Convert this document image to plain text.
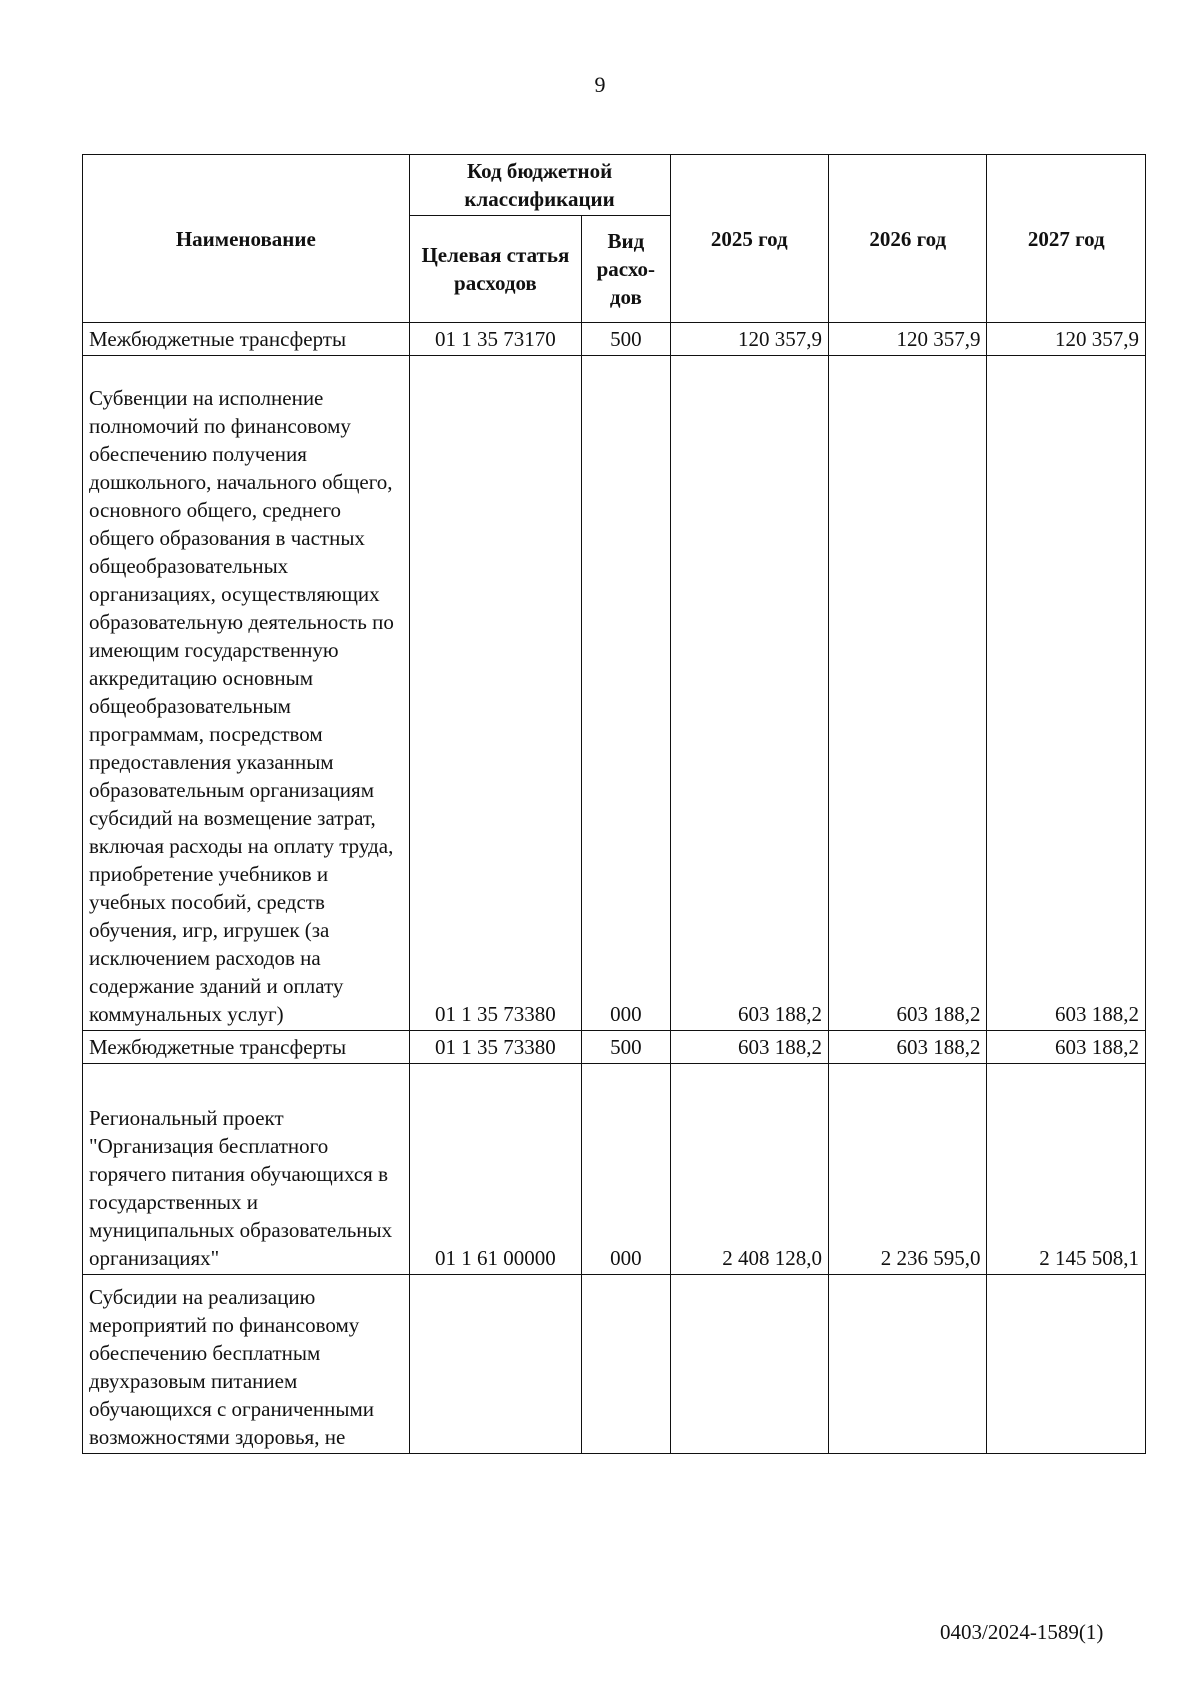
9
Наименование	Код бюджетной классификации		2025 год	2026 год	2027 год
	Целевая статья расходов	Вид расхо-дов			
Межбюджетные трансферты	01 1 35 73170	500	120 357,9	120 357,9	120 357,9
Субвенции на исполнение полномочий по финансовому обеспечению получения дошкольного, начального общего, основного общего, среднего общего образования в частных общеобразовательных организациях, осуществляющих образовательную деятельность по имеющим государственную аккредитацию основным общеобразовательным программам, посредством предоставления указанным образовательным организациям субсидий на возмещение затрат, включая расходы на оплату труда, приобретение учебников и учебных пособий, средств обучения, игр, игрушек (за исключением расходов на содержание зданий и оплату коммунальных услуг)	01 1 35 73380	000	603 188,2	603 188,2	603 188,2
Межбюджетные трансферты	01 1 35 73380	500	603 188,2	603 188,2	603 188,2
Региональный проект "Организация бесплатного горячего питания обучающихся в государственных и муниципальных образовательных организациях"	01 1 61 00000	000	2 408 128,0	2 236 595,0	2 145 508,1
Субсидии на реализацию мероприятий по финансовому обеспечению бесплатным двухразовым питанием обучающихся с ограниченными возможностями здоровья, не					
0403/2024-1589(1)
